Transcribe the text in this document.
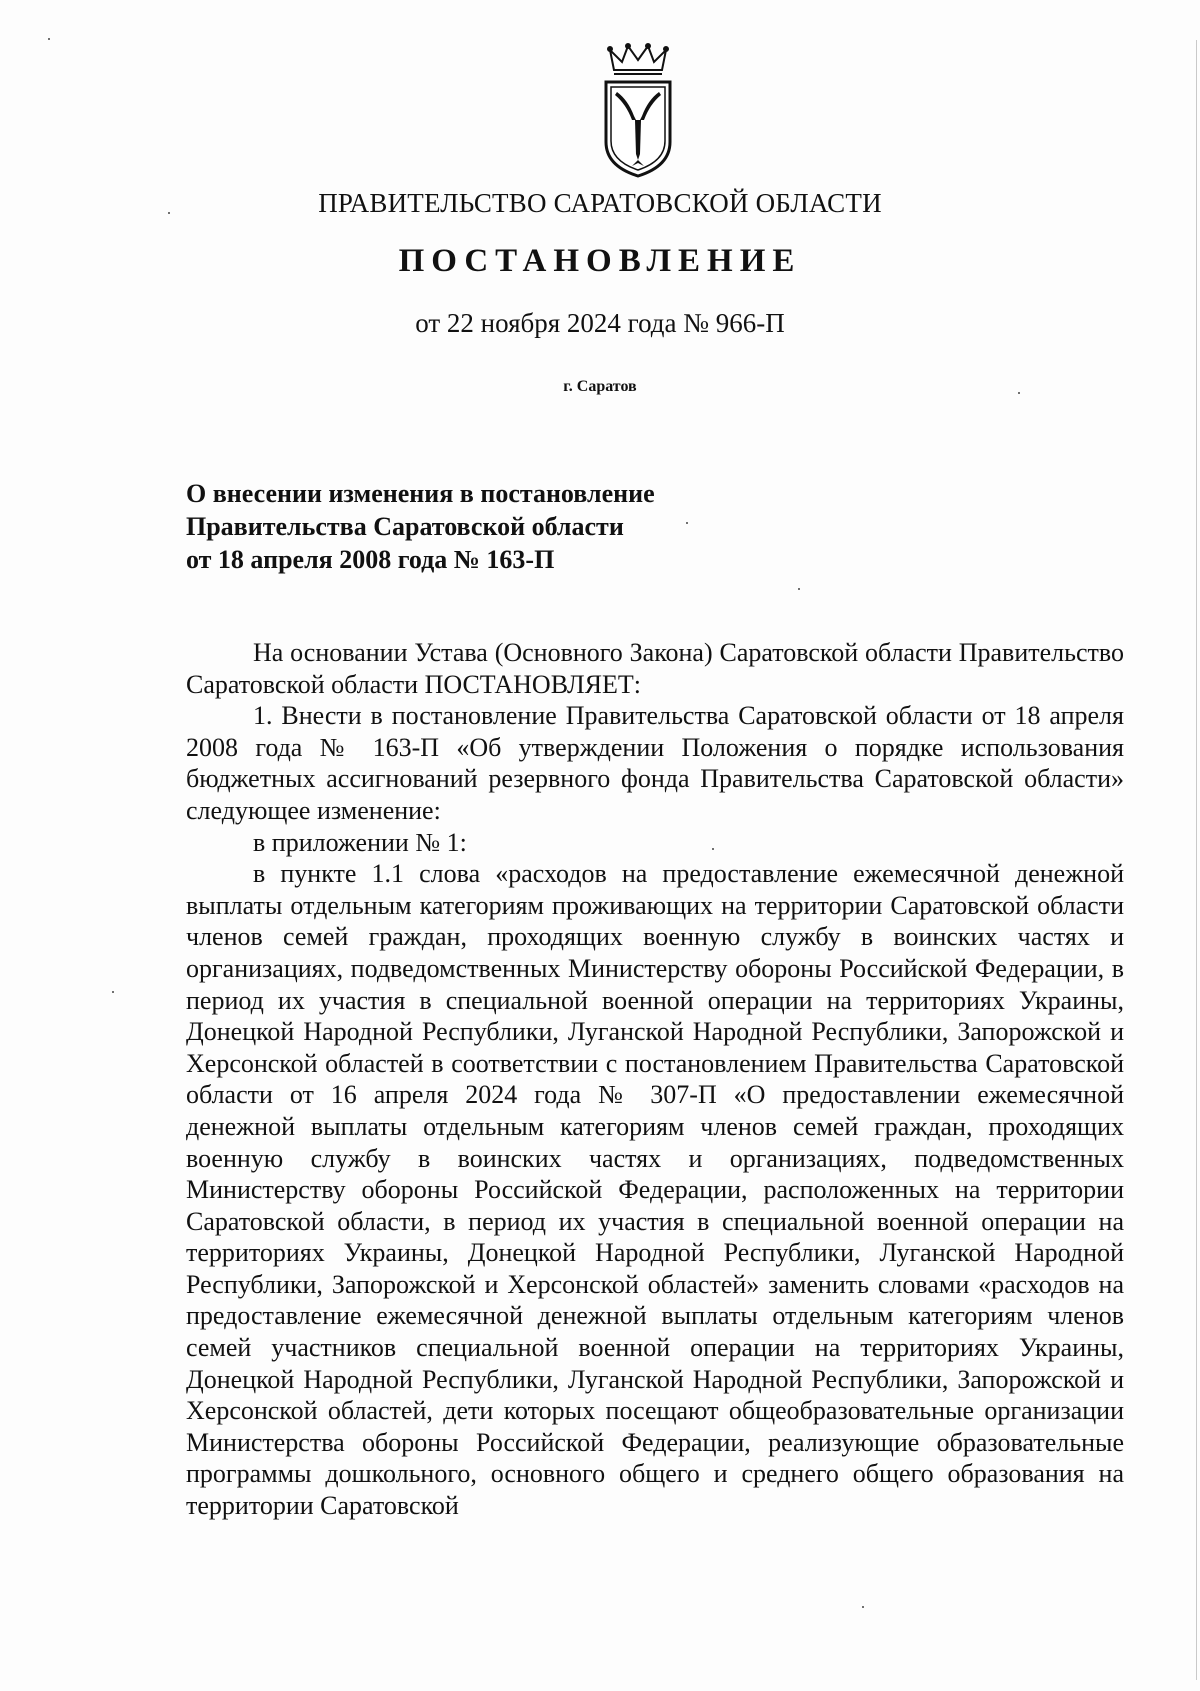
ПРАВИТЕЛЬСТВО САРАТОВСКОЙ ОБЛАСТИ
ПОСТАНОВЛЕНИЕ
от 22 ноября 2024 года № 966-П
г. Саратов
О внесении изменения в постановление
Правительства Саратовской области
от 18 апреля 2008 года № 163-П

На основании Устава (Основного Закона) Саратовской области Правительство Саратовской области ПОСТАНОВЛЯЕТ:

1. Внести в постановление Правительства Саратовской области от 18 апреля 2008 года № 163-П «Об утверждении Положения о порядке использования бюджетных ассигнований резервного фонда Правительства Саратовской области» следующее изменение:

в приложении № 1:

в пункте 1.1 слова «расходов на предоставление ежемесячной денежной выплаты отдельным категориям проживающих на территории Саратовской области членов семей граждан, проходящих военную службу в воинских частях и организациях, подведомственных Министерству обороны Российской Федерации, в период их участия в специальной военной операции на территориях Украины, Донецкой Народной Республики, Луганской Народной Республики, Запорожской и Херсонской областей в соответствии с постановлением Правительства Саратовской области от 16 апреля 2024 года № 307-П «О предоставлении ежемесячной денежной выплаты отдельным категориям членов семей граждан, проходящих военную службу в воинских частях и организациях, подведомственных Министерству обороны Российской Федерации, расположенных на территории Саратовской области, в период их участия в специальной военной операции на территориях Украины, Донецкой Народной Республики, Луганской Народной Республики, Запорожской и Херсонской областей» заменить словами «расходов на предоставление ежемесячной денежной выплаты отдельным категориям членов семей участников специальной военной операции на территориях Украины, Донецкой Народной Республики, Луганской Народной Республики, Запорожской и Херсонской областей, дети которых посещают общеобразовательные организации Министерства обороны Российской Федерации, реализующие образовательные программы дошкольного, основного общего и среднего общего образования на территории Саратовской
